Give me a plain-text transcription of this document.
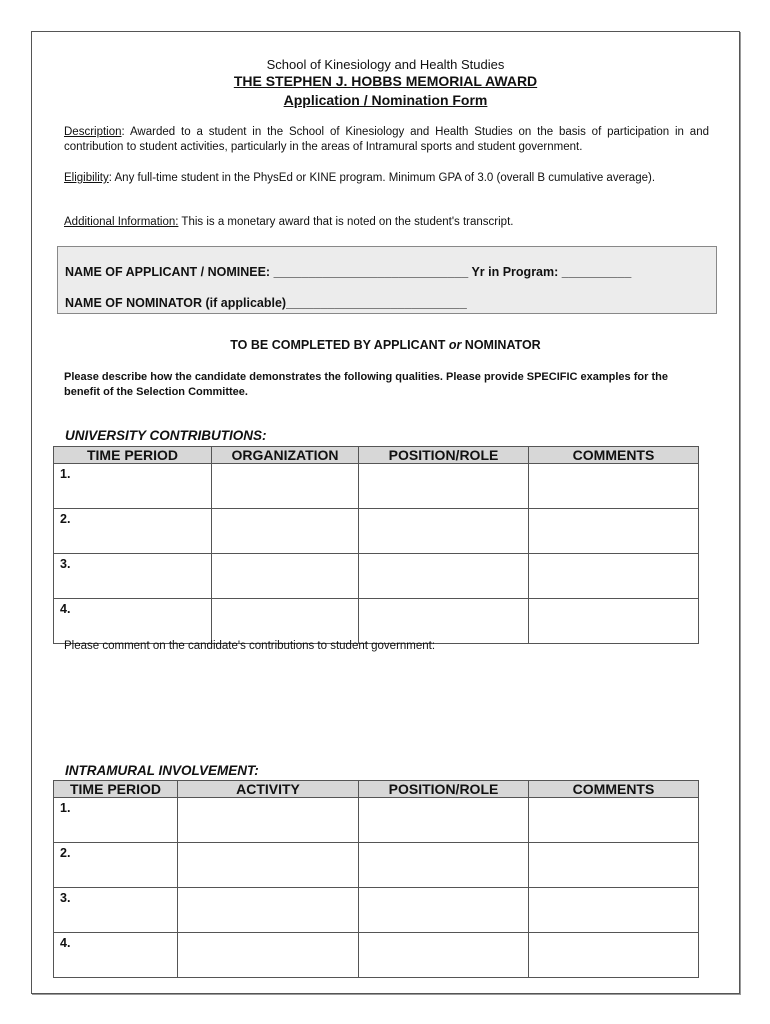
School of Kinesiology and Health Studies
THE STEPHEN J. HOBBS MEMORIAL AWARD
Application / Nomination Form
Description: Awarded to a student in the School of Kinesiology and Health Studies on the basis of participation in and contribution to student activities, particularly in the areas of Intramural sports and student government.
Eligibility: Any full-time student in the PhysEd or KINE program. Minimum GPA of 3.0 (overall B cumulative average).
Additional Information: This is a monetary award that is noted on the student's transcript.
NAME OF APPLICANT / NOMINEE: ____________________________ Yr in Program: __________
NAME OF NOMINATOR (if applicable)__________________________
TO BE COMPLETED BY APPLICANT or NOMINATOR
Please describe how the candidate demonstrates the following qualities. Please provide SPECIFIC examples for the benefit of the Selection Committee.
UNIVERSITY CONTRIBUTIONS:
TIME PERIOD	ORGANIZATION	POSITION/ROLE	COMMENTS
1.			
2.			
3.			
4.			
Please comment on the candidate's contributions to student government:
INTRAMURAL INVOLVEMENT:
TIME PERIOD	ACTIVITY	POSITION/ROLE	COMMENTS
1.			
2.			
3.			
4.			
